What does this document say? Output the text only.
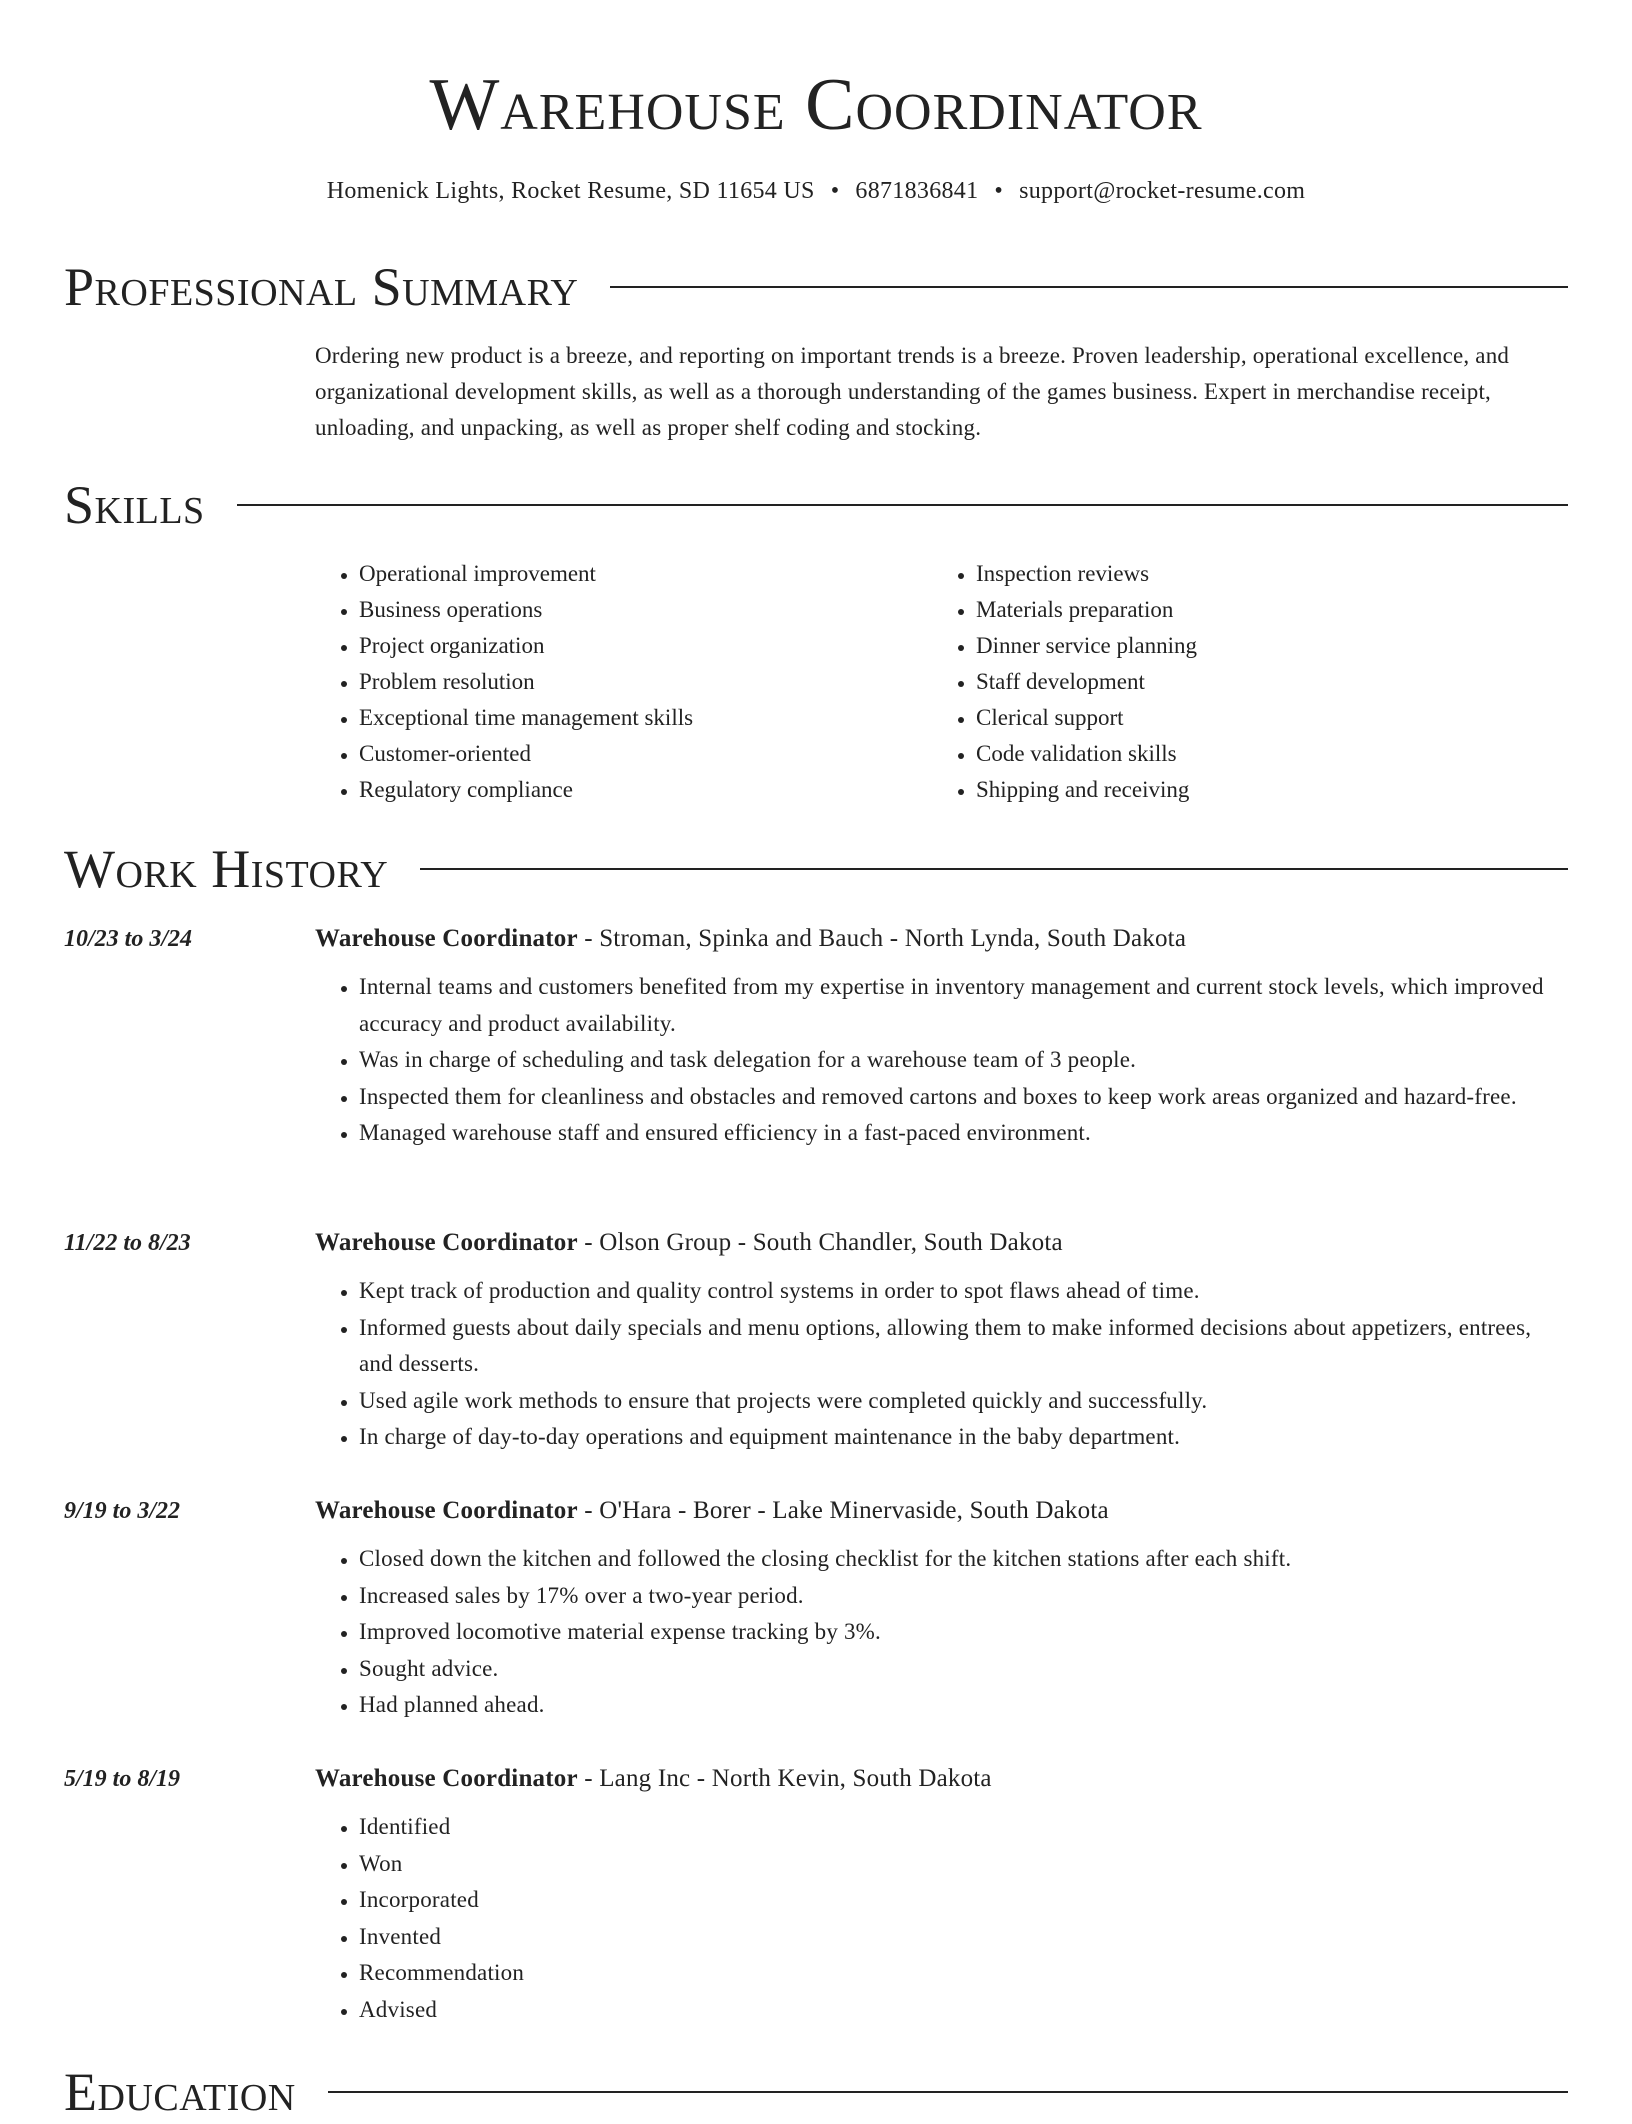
Warehouse Coordinator
Homenick Lights, Rocket Resume, SD 11654 US • 6871836841 • support@rocket-resume.com
Professional Summary
Ordering new product is a breeze, and reporting on important trends is a breeze. Proven leadership, operational excellence, and organizational development skills, as well as a thorough understanding of the games business. Expert in merchandise receipt, unloading, and unpacking, as well as proper shelf coding and stocking.
Skills
• Operational improvement
• Business operations
• Project organization
• Problem resolution
• Exceptional time management skills
• Customer-oriented
• Regulatory compliance
• Inspection reviews
• Materials preparation
• Dinner service planning
• Staff development
• Clerical support
• Code validation skills
• Shipping and receiving
Work History
10/23 to 3/24	Warehouse Coordinator - Stroman, Spinka and Bauch - North Lynda, South Dakota
• Internal teams and customers benefited from my expertise in inventory management and current stock levels, which improved accuracy and product availability.
• Was in charge of scheduling and task delegation for a warehouse team of 3 people.
• Inspected them for cleanliness and obstacles and removed cartons and boxes to keep work areas organized and hazard-free.
• Managed warehouse staff and ensured efficiency in a fast-paced environment.
11/22 to 8/23	Warehouse Coordinator - Olson Group - South Chandler, South Dakota
• Kept track of production and quality control systems in order to spot flaws ahead of time.
• Informed guests about daily specials and menu options, allowing them to make informed decisions about appetizers, entrees, and desserts.
• Used agile work methods to ensure that projects were completed quickly and successfully.
• In charge of day-to-day operations and equipment maintenance in the baby department.
9/19 to 3/22	Warehouse Coordinator - O'Hara - Borer - Lake Minervaside, South Dakota
• Closed down the kitchen and followed the closing checklist for the kitchen stations after each shift.
• Increased sales by 17% over a two-year period.
• Improved locomotive material expense tracking by 3%.
• Sought advice.
• Had planned ahead.
5/19 to 8/19	Warehouse Coordinator - Lang Inc - North Kevin, South Dakota
• Identified
• Won
• Incorporated
• Invented
• Recommendation
• Advised
Education
